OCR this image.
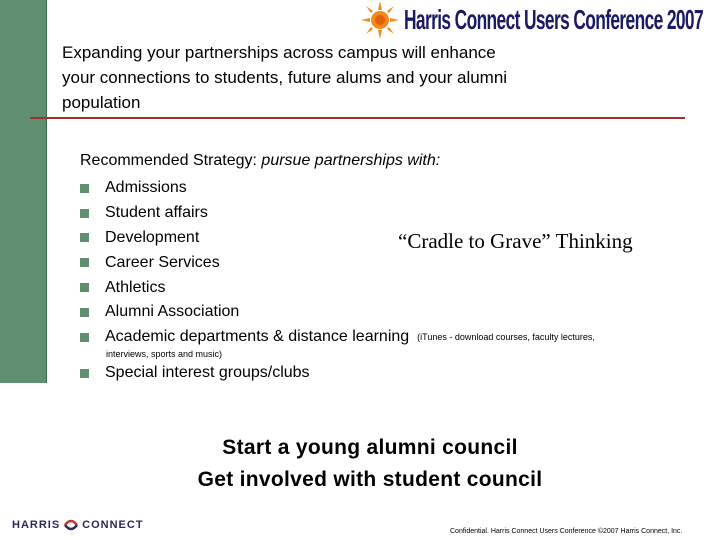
Harris Connect Users Conference 2007
Expanding your partnerships across campus will enhance your connections to students, future alums and your alumni population
Recommended Strategy: pursue partnerships with:
Admissions
Student affairs
Development
Career Services
Athletics
Alumni Association
Academic departments & distance learning (iTunes - download courses, faculty lectures,
interviews, sports and music)
Special interest groups/clubs
“Cradle to Grave” Thinking
Start a young alumni council
Get involved with student council
HARRIS CONNECT
Confidential. Harris Connect Users Conference ©2007 Harris Connect, Inc.
